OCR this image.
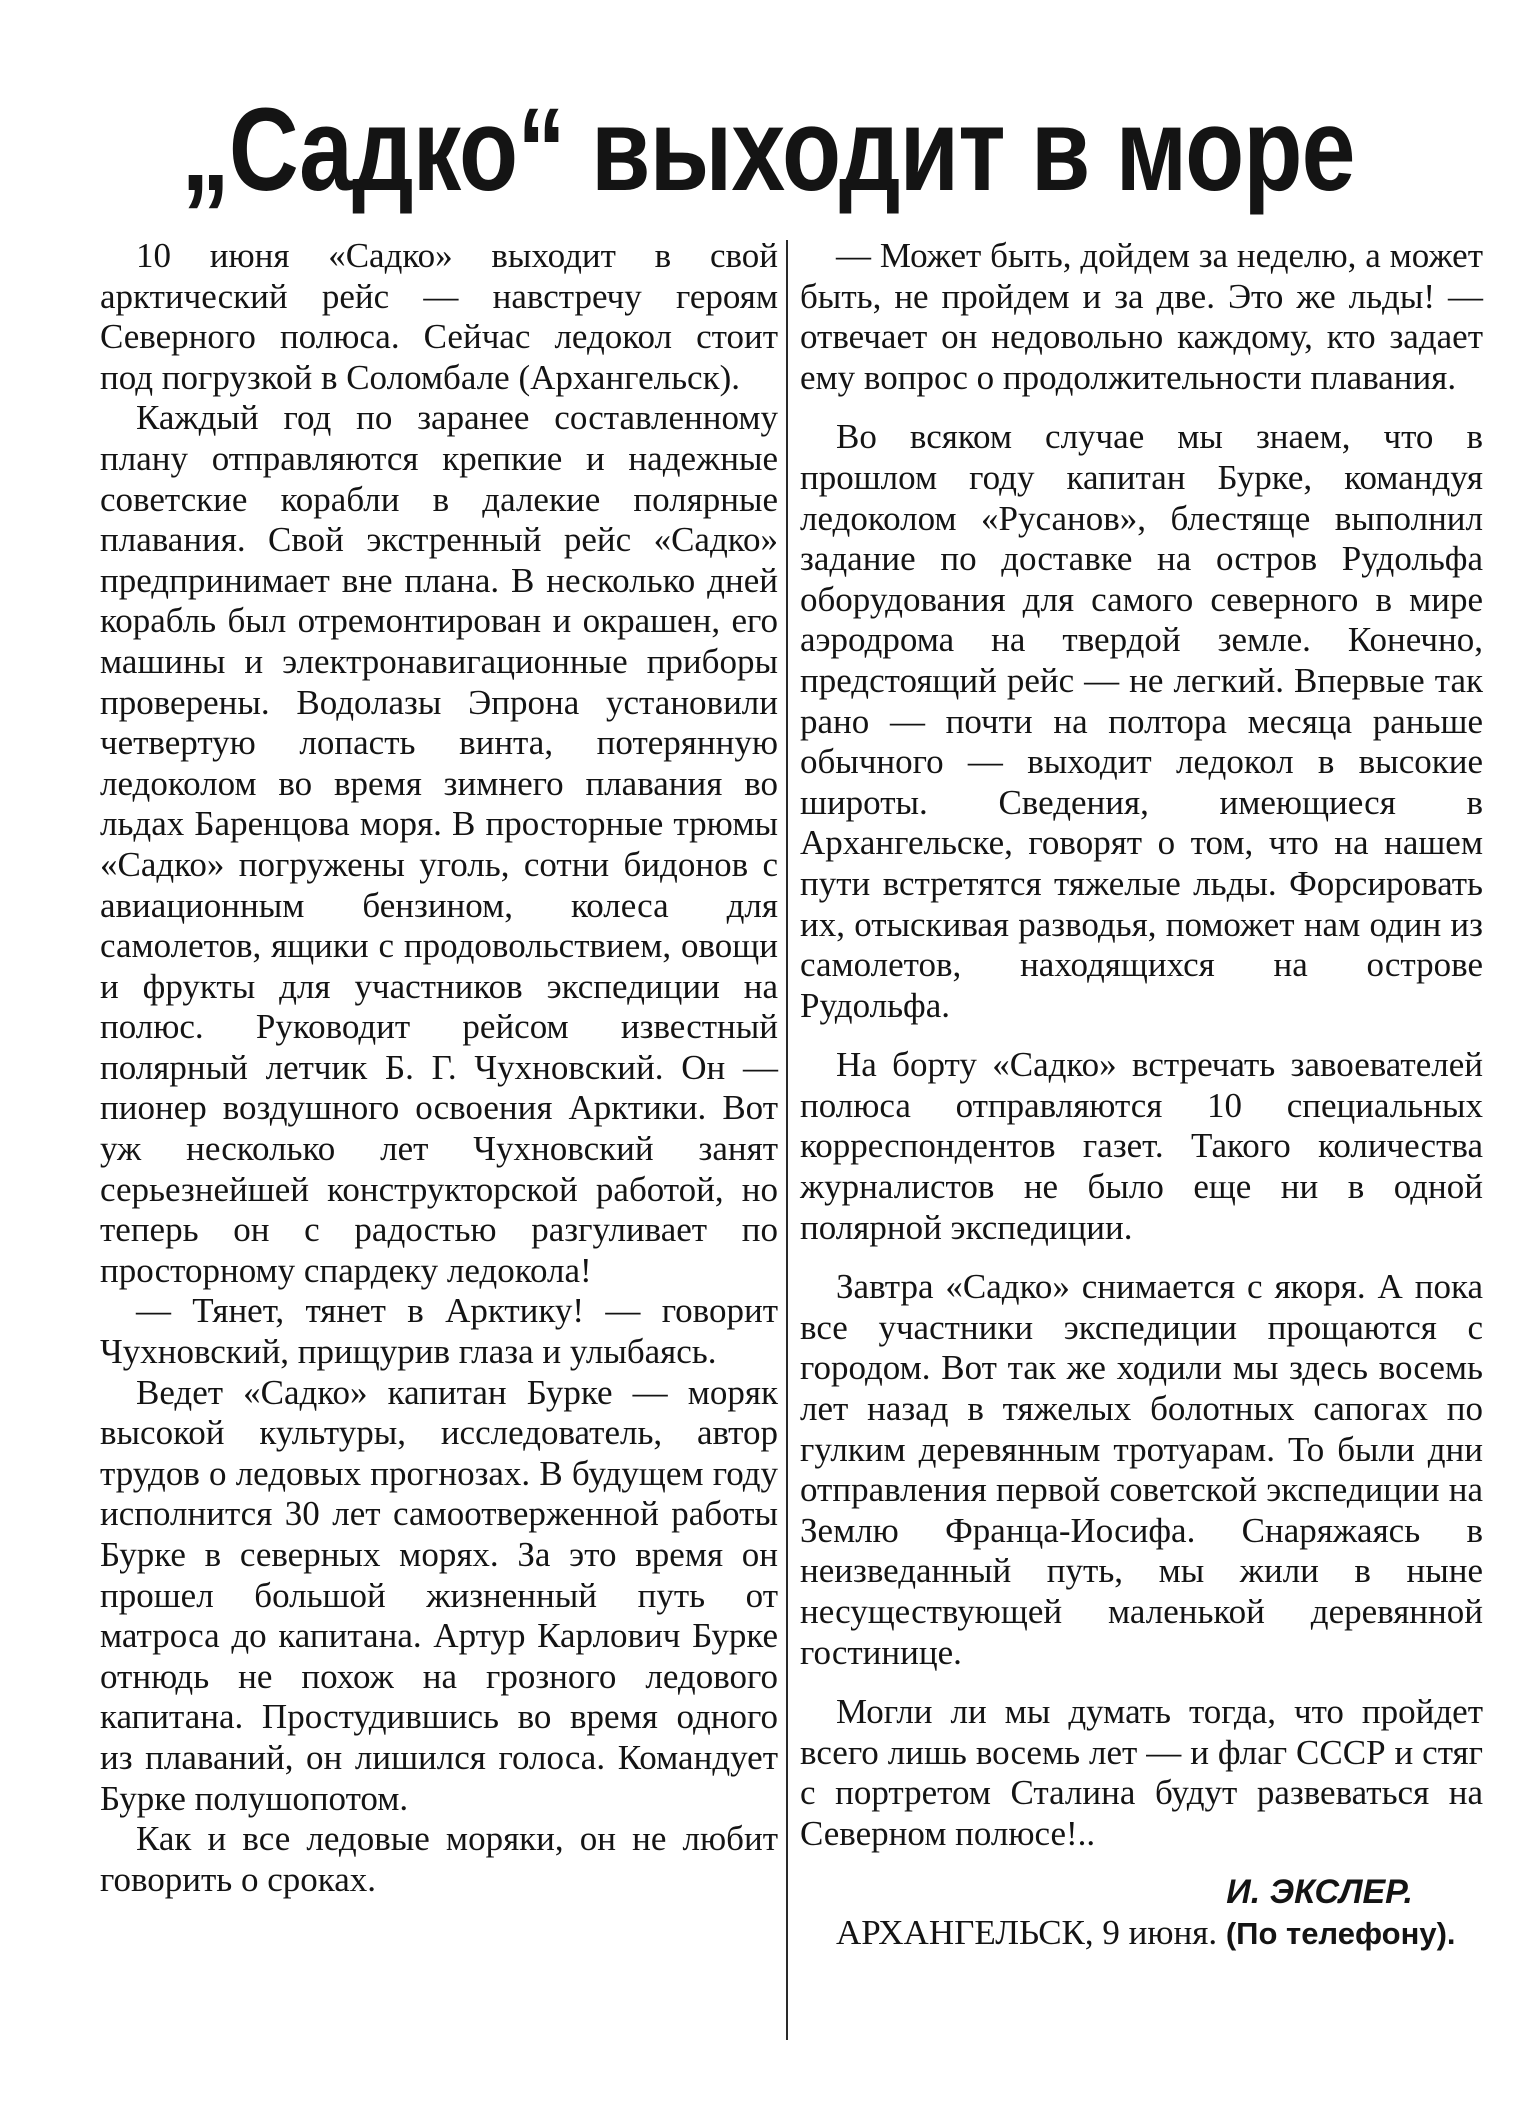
„Садко“ выходит в море

10 июня «Садко» выходит в свой арктический рейс — навстречу героям Северного полюса. Сейчас ледокол стоит под погрузкой в Соломбале (Архангельск).

Каждый год по заранее составленному плану отправляются крепкие и надежные советские корабли в далекие полярные плавания. Свой экстренный рейс «Садко» предпринимает вне плана. В несколько дней корабль был отремонтирован и окрашен, его машины и электронавигационные приборы проверены. Водолазы Эпрона установили четвертую лопасть винта, потерянную ледоколом во время зимнего плавания во льдах Баренцова моря. В просторные трюмы «Садко» погружены уголь, сотни бидонов с авиационным бензином, колеса для самолетов, ящики с продовольствием, овощи и фрукты для участников экспедиции на полюс. Руководит рейсом известный полярный летчик Б. Г. Чухновский. Он — пионер воздушного освоения Арктики. Вот уж несколько лет Чухновский занят серьезнейшей конструкторской работой, но теперь он с радостью разгуливает по просторному спардеку ледокола!

— Тянет, тянет в Арктику! — говорит Чухновский, прищурив глаза и улыбаясь.

Ведет «Садко» капитан Бурке — моряк высокой культуры, исследователь, автор трудов о ледовых прогнозах. В будущем году исполнится 30 лет самоотверженной работы Бурке в северных морях. За это время он прошел большой жизненный путь от матроса до капитана. Артур Карлович Бурке отнюдь не похож на грозного ледового капитана. Простудившись во время одного из плаваний, он лишился голоса. Командует Бурке полушопотом.

Как и все ледовые моряки, он не любит говорить о сроках.

— Может быть, дойдем за неделю, а может быть, не пройдем и за две. Это же льды! — отвечает он недовольно каждому, кто задает ему вопрос о продолжительности плавания.

Во всяком случае мы знаем, что в прошлом году капитан Бурке, командуя ледоколом «Русанов», блестяще выполнил задание по доставке на остров Рудольфа оборудования для самого северного в мире аэродрома на твердой земле. Конечно, предстоящий рейс — не легкий. Впервые так рано — почти на полтора месяца раньше обычного — выходит ледокол в высокие широты. Сведения, имеющиеся в Архангельске, говорят о том, что на нашем пути встретятся тяжелые льды. Форсировать их, отыскивая разводья, поможет нам один из самолетов, находящихся на острове Рудольфа.

На борту «Садко» встречать завоевателей полюса отправляются 10 специальных корреспондентов газет. Такого количества журналистов не было еще ни в одной полярной экспедиции.

Завтра «Садко» снимается с якоря. А пока все участники экспедиции прощаются с городом. Вот так же ходили мы здесь восемь лет назад в тяжелых болотных сапогах по гулким деревянным тротуарам. То были дни отправления первой советской экспедиции на Землю Франца-Иосифа. Снаряжаясь в неизведанный путь, мы жили в ныне несуществующей маленькой деревянной гостинице.

Могли ли мы думать тогда, что пройдет всего лишь восемь лет — и флаг СССР и стяг с портретом Сталина будут развеваться на Северном полюсе!..

И. ЭКСЛЕР.

АРХАНГЕЛЬСК, 9 июня. (По телефону).
